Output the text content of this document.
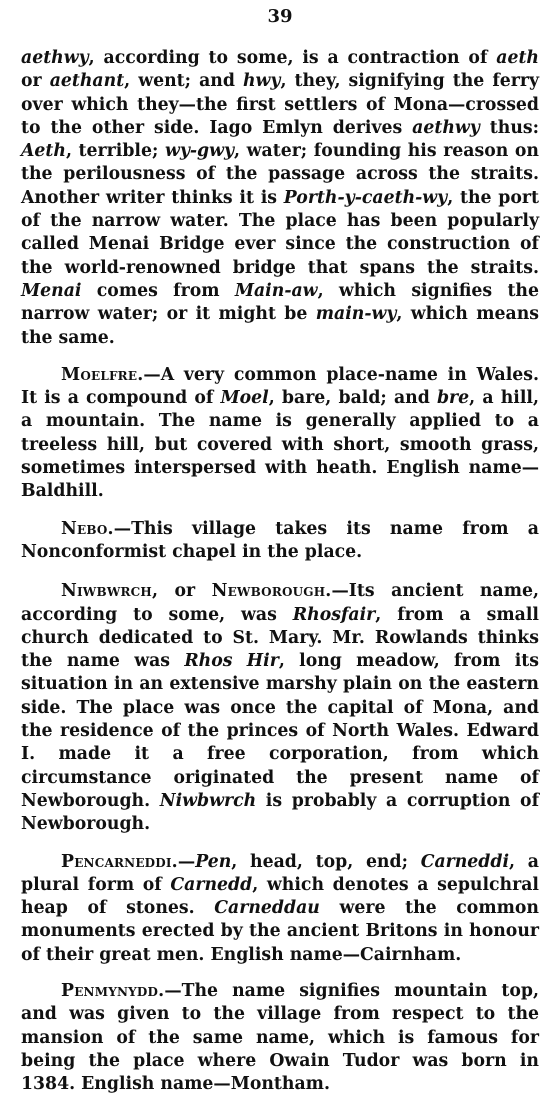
39

aethwy, according to some, is a contraction of aeth or aethant, went; and hwy, they, signifying the ferry over which they—the first settlers of Mona—crossed to the other side. Iago Emlyn derives aethwy thus: Aeth, terrible; wy-gwy, water; founding his reason on the perilousness of the passage across the straits. Another writer thinks it is Porth-y-caeth-wy, the port of the narrow water. The place has been popularly called Menai Bridge ever since the construction of the world-renowned bridge that spans the straits. Menai comes from Main-aw, which signifies the narrow water; or it might be main-wy, which means the same.

Moelfre.—A very common place-name in Wales. It is a compound of Moel, bare, bald; and bre, a hill, a mountain. The name is generally applied to a treeless hill, but covered with short, smooth grass, sometimes interspersed with heath. English name—Baldhill.

Nebo.—This village takes its name from a Nonconformist chapel in the place.

Niwbwrch, or Newborough.—Its ancient name, according to some, was Rhosfair, from a small church dedicated to St. Mary. Mr. Rowlands thinks the name was Rhos Hir, long meadow, from its situation in an extensive marshy plain on the eastern side. The place was once the capital of Mona, and the residence of the princes of North Wales. Edward I. made it a free corporation, from which circumstance originated the present name of Newborough. Niwbwrch is probably a corruption of Newborough.

Pencarneddi.—Pen, head, top, end; Carneddi, a plural form of Carnedd, which denotes a sepulchral heap of stones. Carneddau were the common monuments erected by the ancient Britons in honour of their great men. English name—Cairnham.

Penmynydd.—The name signifies mountain top, and was given to the village from respect to the mansion of the same name, which is famous for being the place where Owain Tudor was born in 1384. English name—Montham.
